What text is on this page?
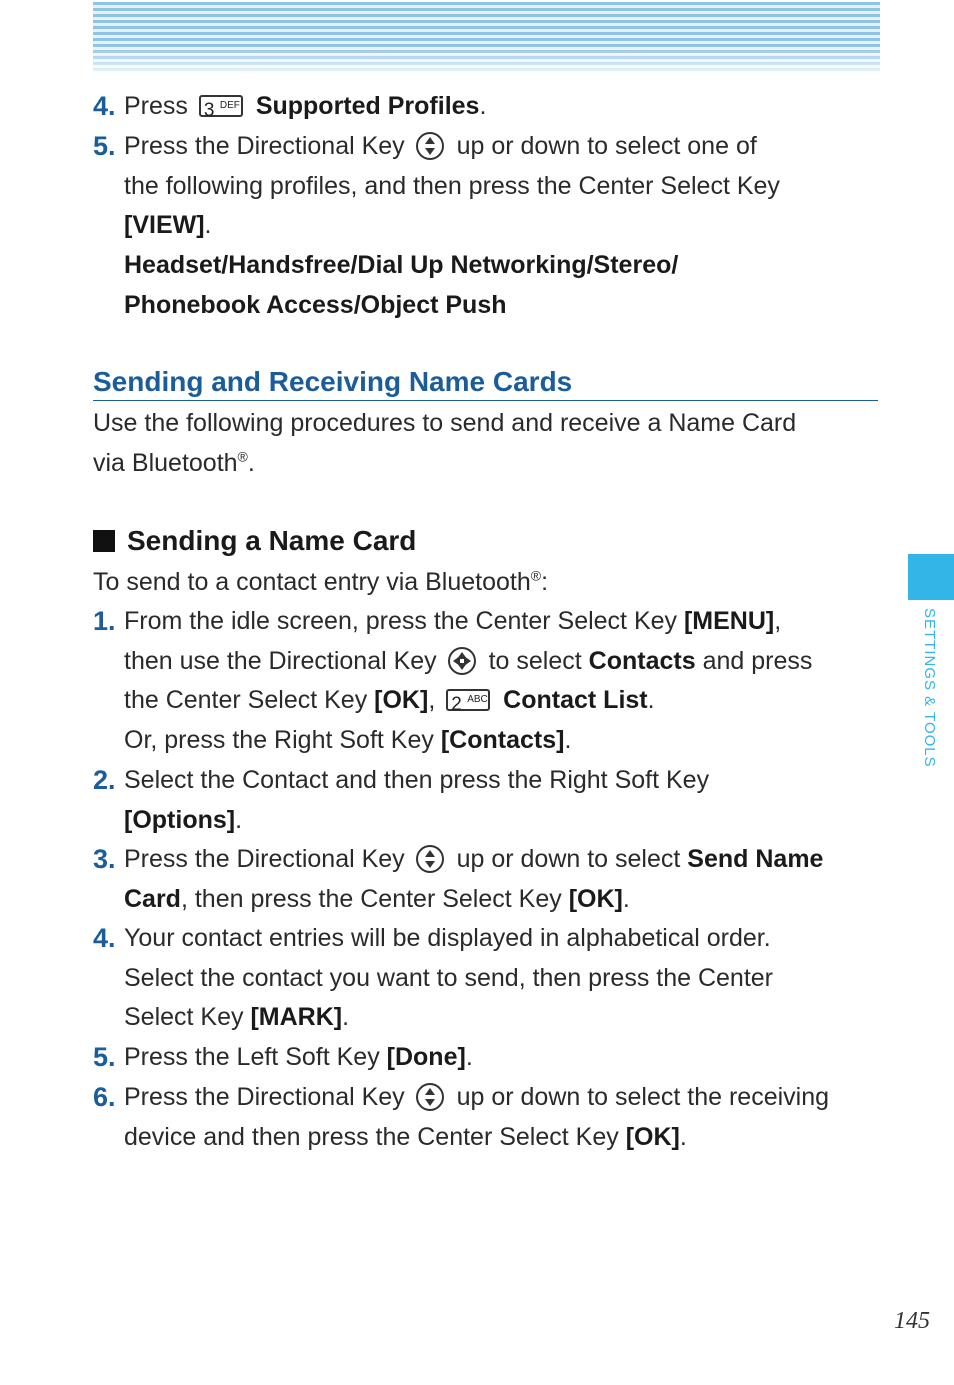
SETTINGS & TOOLS
4. Press 3 DEF Supported Profiles.
5. Press the Directional Key up or down to select one of
the following profiles, and then press the Center Select Key
[VIEW].
Headset/Handsfree/Dial Up Networking/Stereo/
Phonebook Access/Object Push
Sending and Receiving Name Cards
Use the following procedures to send and receive a Name Card
via Bluetooth®.
Sending a Name Card
To send to a contact entry via Bluetooth®:
1. From the idle screen, press the Center Select Key [MENU],
then use the Directional Key to select Contacts and press
the Center Select Key [OK], 2 ABC Contact List.
Or, press the Right Soft Key [Contacts].
2. Select the Contact and then press the Right Soft Key
[Options].
3. Press the Directional Key up or down to select Send Name
Card, then press the Center Select Key [OK].
4. Your contact entries will be displayed in alphabetical order.
Select the contact you want to send, then press the Center
Select Key [MARK].
5. Press the Left Soft Key [Done].
6. Press the Directional Key up or down to select the receiving
device and then press the Center Select Key [OK].
145
